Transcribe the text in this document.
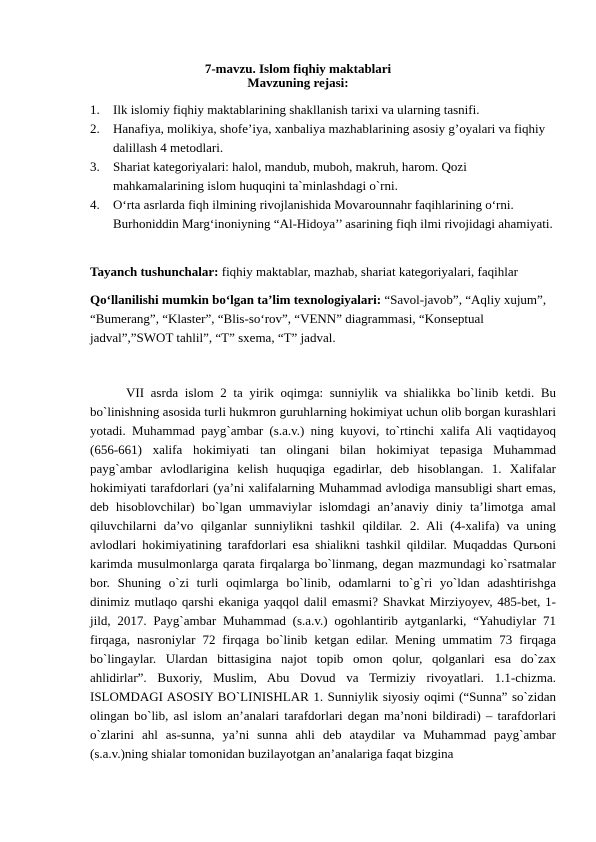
7-mavzu. Islom fiqhiy maktablari
Mavzuning rejasi:
1. Ilk islomiy fiqhiy maktablarining shakllanish tarixi va ularning tasnifi.
2. Hanafiya, molikiya, shofe’iya, xanbaliya mazhablarining asosiy g’oyalari va fiqhiy dalillash 4 metodlari.
3. Shariat kategoriyalari: halol, mandub, muboh, makruh, harom. Qozi mahkamalarining islom huquqini ta`minlashdagi o`rni.
4. O‘rta asrlarda fiqh ilmining rivojlanishida Movarounnahr faqihlarining o‘rni. Burhoniddin Marg‘inoniyning “Al-Hidoya’’ asarining fiqh ilmi rivojidagi ahamiyati.
Tayanch tushunchalar: fiqhiy maktablar, mazhab, shariat kategoriyalari, faqihlar
Qo‘llanilishi mumkin bo‘lgan ta’lim texnologiyalari: “Savol-javob”, “Aqliy xujum”, “Bumerang”, “Klaster”, “Blis-so‘rov”, “VENN” diagrammasi, “Konseptual jadval”,”SWOT tahlil”, “T” sxema, “T” jadval.

VII asrda islom 2 ta yirik oqimga: sunniylik va shialikka bo`linib ketdi. Bu bo`linishning asosida turli hukmron guruhlarning hokimiyat uchun olib borgan kurashlari yotadi. Muhammad payg`ambar (s.a.v.) ning kuyovi, to`rtinchi xalifa Ali vaqtidayoq (656-661) xalifa hokimiyati tan olingani bilan hokimiyat tepasiga Muhammad payg`ambar avlodlarigina kelish huquqiga egadirlar, deb hisoblangan. 1. Xalifalar hokimiyati tarafdorlari (ya’ni xalifalarning Muhammad avlodiga mansubligi shart emas, deb hisoblovchilar) bo`lgan ummaviylar islomdagi an’anaviy diniy ta’limotga amal qiluvchilarni da’vo qilganlar sunniylikni tashkil qildilar. 2. Ali (4-xalifa) va uning avlodlari hokimiyatining tarafdorlari esa shialikni tashkil qildilar. Muqaddas Qurьoni karimda musulmonlarga qarata firqalarga bo`linmang, degan mazmundagi ko`rsatmalar bor. Shuning o`zi turli oqimlarga bo`linib, odamlarni to`g`ri yo`ldan adashtirishga dinimiz mutlaqo qarshi ekaniga yaqqol dalil emasmi? Shavkat Mirziyoyev, 485-bet, 1-jild, 2017. Payg`ambar Muhammad (s.a.v.) ogohlantirib aytganlarki, “Yahudiylar 71 firqaga, nasroniylar 72 firqaga bo`linib ketgan edilar. Mening ummatim 73 firqaga bo`lingaylar. Ulardan bittasigina najot topib omon qolur, qolganlari esa do`zax ahlidirlar”. Buxoriy, Muslim, Abu Dovud va Termiziy rivoyatlari. 1.1-chizma. ISLOMDAGI ASOSIY BO`LINISHLAR 1. Sunniylik siyosiy oqimi (“Sunna” so`zidan olingan bo`lib, asl islom an’analari tarafdorlari degan ma’noni bildiradi) – tarafdorlari o`zlarini ahl as-sunna, ya’ni sunna ahli deb ataydilar va Muhammad payg`ambar (s.a.v.)ning shialar tomonidan buzilayotgan an’analariga faqat bizgina
